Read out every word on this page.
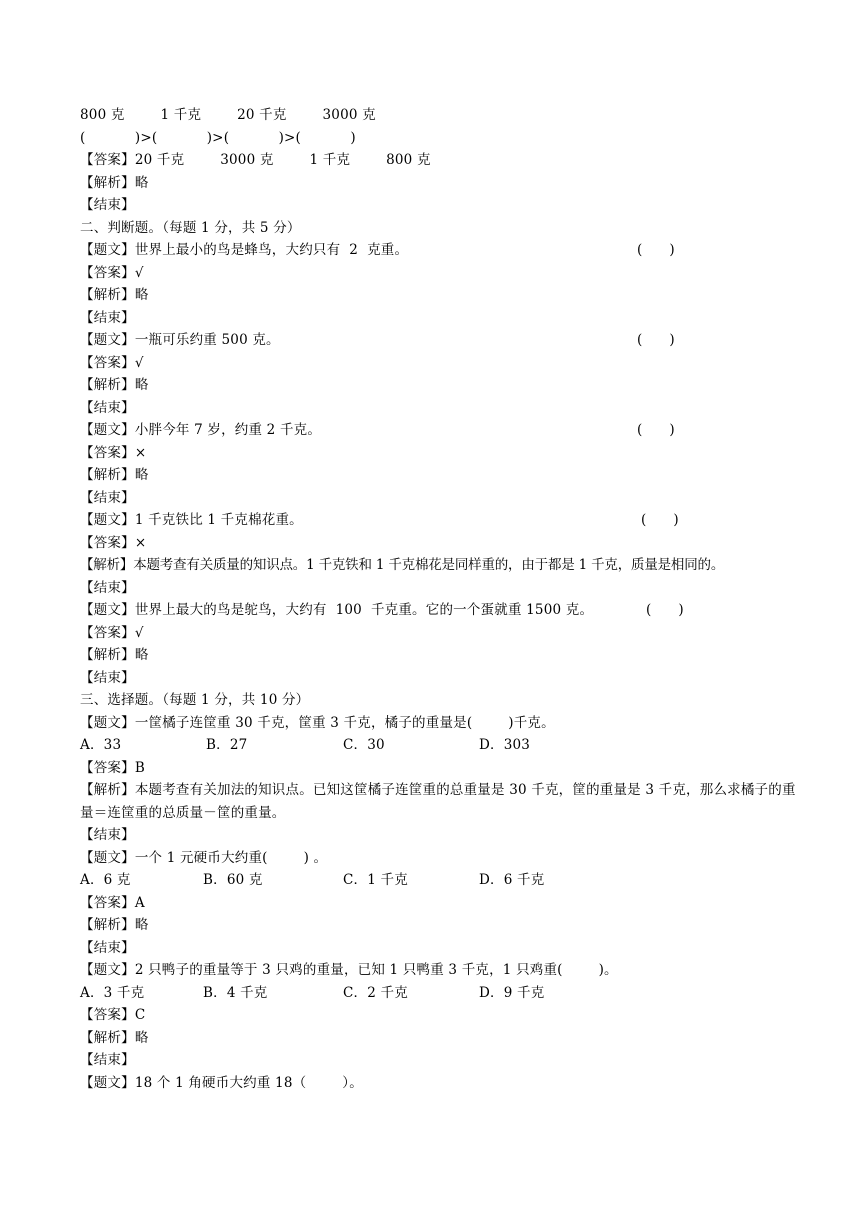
800 克        1 千克        20 千克        3000 克
(           )>(           )>(           )>(           )
【答案】20 千克        3000 克        1 千克        800 克
【解析】略
【结束】
二、判断题。（每题 1 分，共 5 分）
【题文】世界上最小的鸟是蜂鸟，大约只有  2  克重。	(      )
【答案】√
【解析】略
【结束】
【题文】一瓶可乐约重 500 克。	(      )
【答案】√
【解析】略
【结束】
【题文】小胖今年 7 岁，约重 2 千克。	(      )
【答案】×
【解析】略
【结束】
【题文】1 千克铁比 1 千克棉花重。	(      )
【答案】×
【解析】本题考查有关质量的知识点。1 千克铁和 1 千克棉花是同样重的，由于都是 1 千克，质量是相同的。
【结束】
【题文】世界上最大的鸟是鸵鸟，大约有  100  千克重。它的一个蛋就重 1500 克。	(      )
【答案】√
【解析】略
【结束】
三、选择题。（每题 1 分，共 10 分）
【题文】一筐橘子连筐重 30 千克，筐重 3 千克，橘子的重量是(        )千克。

A．33

	B．27

	C．30

	D．303

【答案】B
【解析】本题考查有关加法的知识点。已知这筐橘子连筐重的总重量是 30 千克，筐的重量是 3 千克，那么求橘子的重量＝连筐重的总质量－筐的重量。
【结束】
【题文】一个 1 元硬币大约重(        ) 。

A．6 克

	B．60 克

	C．1 千克

	D．6 千克

【答案】A
【解析】略
【结束】
【题文】2 只鸭子的重量等于 3 只鸡的重量，已知 1 只鸭重 3 千克，1 只鸡重(        )。

A．3 千克

	B．4 千克

	C．2 千克

	D．9 千克

【答案】C
【解析】略
【结束】
【题文】18 个 1 角硬币大约重 18（        ）。
